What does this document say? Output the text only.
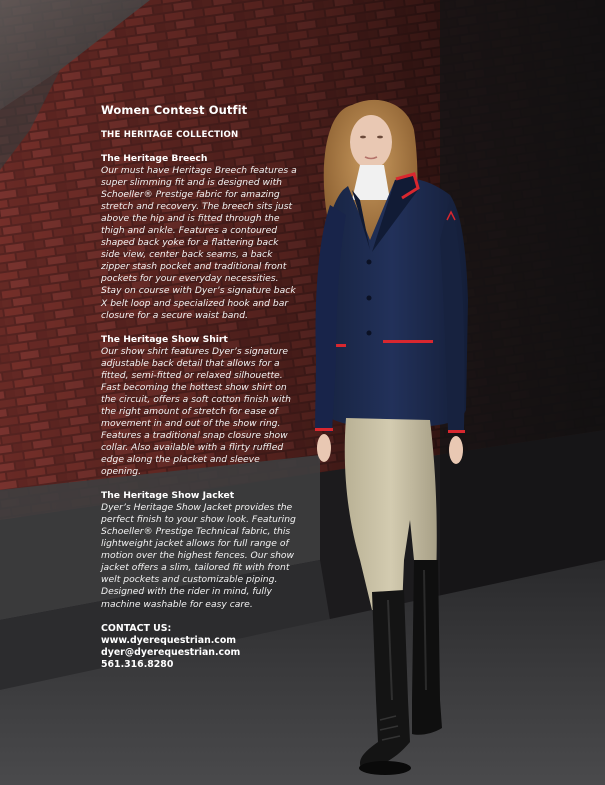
Women Contest Outfit
THE HERITAGE COLLECTION
The Heritage Breech
Our must have Heritage Breech features a
super slimming fit and is designed with
Schoeller® Prestige fabric for amazing
stretch and recovery. The breech sits just
above the hip and is fitted through the
thigh and ankle. Features a contoured
shaped back yoke for a flattering back
side view, center back seams, a back
zipper stash pocket and traditional front
pockets for your everyday necessities.
Stay on course with Dyer’s signature back
X belt loop and specialized hook and bar
closure for a secure waist band.
The Heritage Show Shirt
Our show shirt features Dyer’s signature
adjustable back detail that allows for a
fitted, semi-fitted or relaxed silhouette.
Fast becoming the hottest show shirt on
the circuit, offers a soft cotton finish with
the right amount of stretch for ease of
movement in and out of the show ring.
Features a traditional snap closure show
collar. Also available with a flirty ruffled
edge along the placket and sleeve
opening.
The Heritage Show Jacket
Dyer’s Heritage Show Jacket provides the
perfect finish to your show look. Featuring
Schoeller® Prestige Technical fabric, this
lightweight jacket allows for full range of
motion over the highest fences. Our show
jacket offers a slim, tailored fit with front
welt pockets and customizable piping.
Designed with the rider in mind, fully
machine washable for easy care.
CONTACT US:
www.dyerequestrian.com
dyer@dyerequestrian.com
561.316.8280
